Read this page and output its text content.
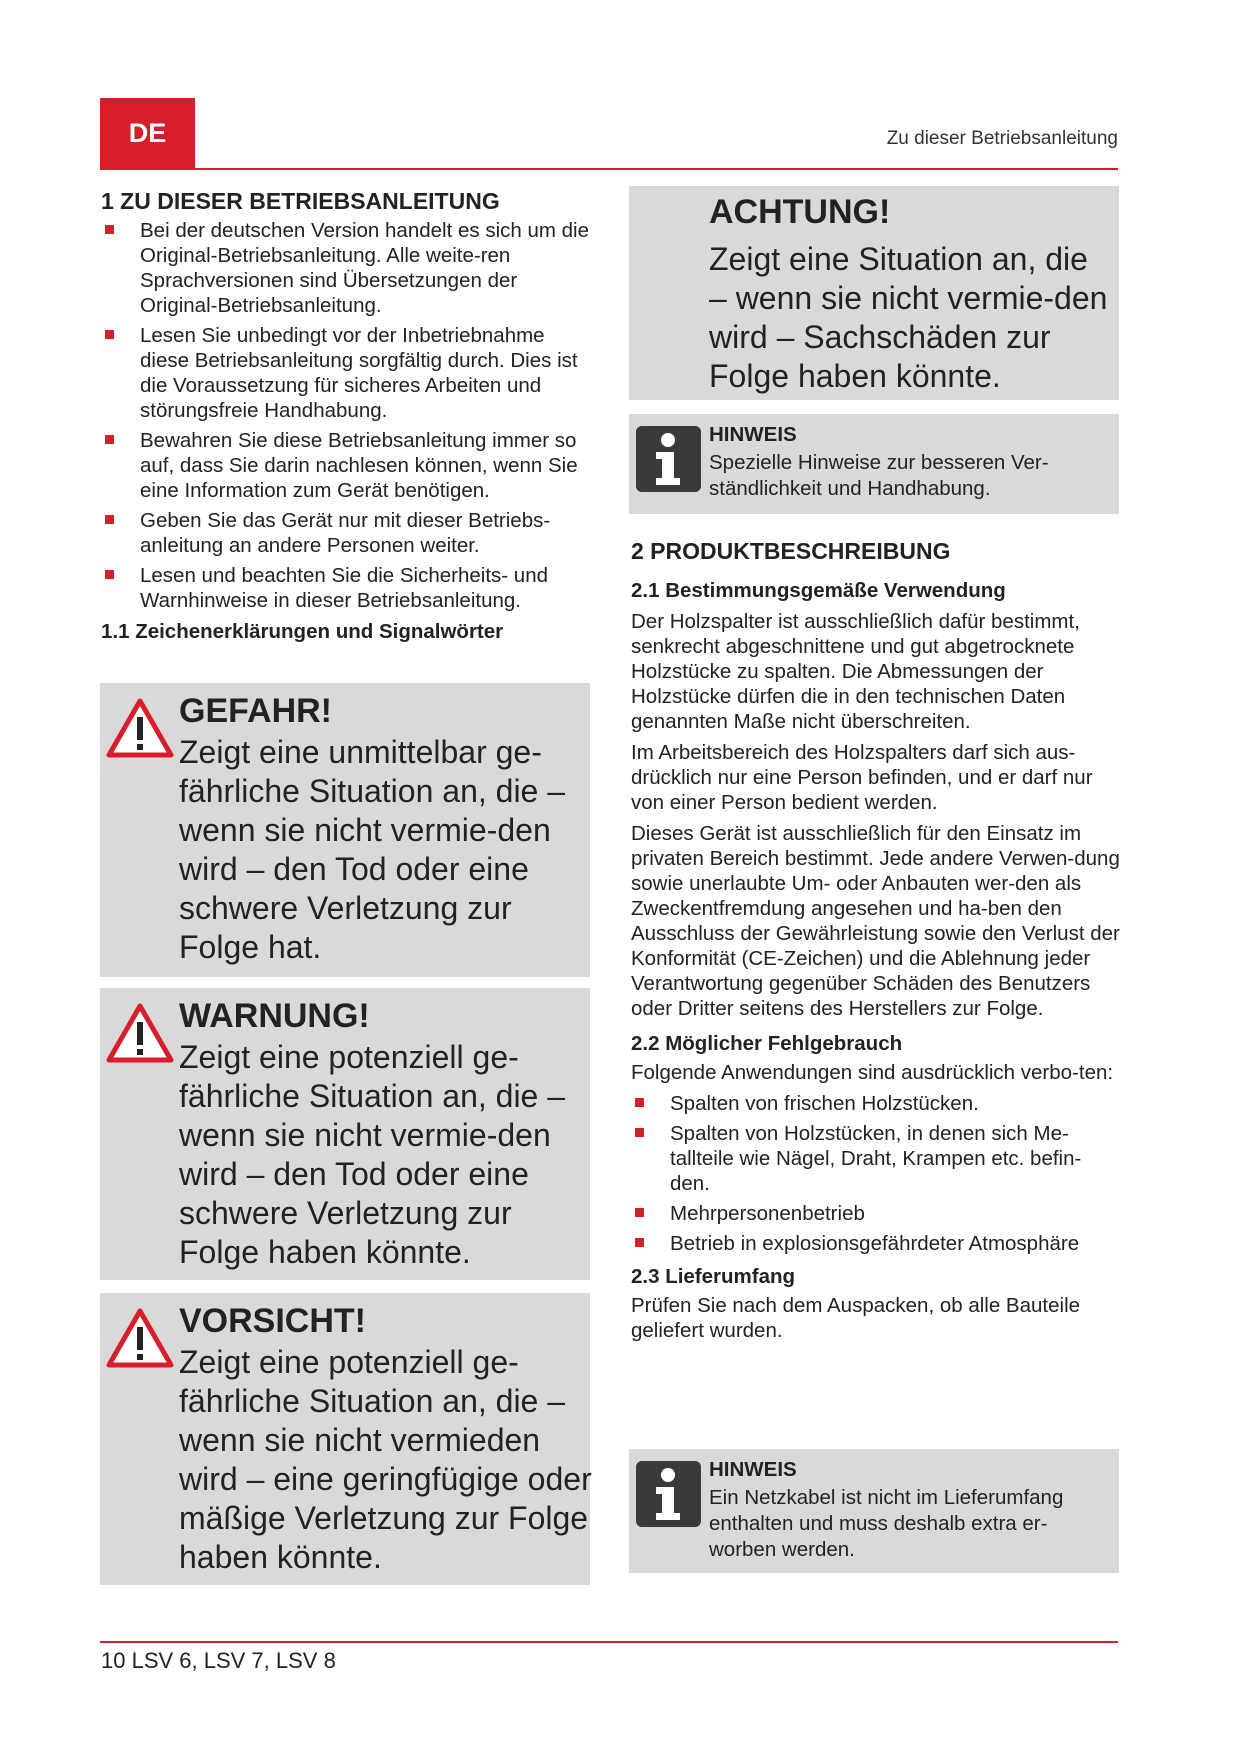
DE	Zu dieser Betriebsanleitung
1 ZU DIESER BETRIEBSANLEITUNG
Bei der deutschen Version handelt es sich um die Original-Betriebsanleitung. Alle weite-ren Sprachversionen sind Übersetzungen der Original-Betriebsanleitung.
Lesen Sie unbedingt vor der Inbetriebnahme diese Betriebsanleitung sorgfältig durch. Dies ist die Voraussetzung für sicheres Arbeiten und störungsfreie Handhabung.
Bewahren Sie diese Betriebsanleitung immer so auf, dass Sie darin nachlesen können, wenn Sie eine Information zum Gerät benötigen.
Geben Sie das Gerät nur mit dieser Betriebs-anleitung an andere Personen weiter.
Lesen und beachten Sie die Sicherheits- und Warnhinweise in dieser Betriebsanleitung.
1.1 Zeichenerklärungen und Signalwörter
GEFAHR!
Zeigt eine unmittelbar ge-fährliche Situation an, die – wenn sie nicht vermie-den wird – den Tod oder eine schwere Verletzung zur Folge hat.
WARNUNG!
Zeigt eine potenziell ge-fährliche Situation an, die – wenn sie nicht vermie-den wird – den Tod oder eine schwere Verletzung zur Folge haben könnte.
VORSICHT!
Zeigt eine potenziell ge-fährliche Situation an, die – wenn sie nicht vermieden wird – eine geringfügige oder mäßige Verletzung zur Folge haben könnte.
ACHTUNG!
Zeigt eine Situation an, die – wenn sie nicht vermie-den wird – Sachschäden zur Folge haben könnte.
HINWEIS
Spezielle Hinweise zur besseren Ver-ständlichkeit und Handhabung.
2 PRODUKTBESCHREIBUNG
2.1 Bestimmungsgemäße Verwendung

Der Holzspalter ist ausschließlich dafür bestimmt, senkrecht abgeschnittene und gut abgetrocknete Holzstücke zu spalten. Die Abmessungen der Holzstücke dürfen die in den technischen Daten genannten Maße nicht überschreiten.

Im Arbeitsbereich des Holzspalters darf sich aus-drücklich nur eine Person befinden, und er darf nur von einer Person bedient werden.

Dieses Gerät ist ausschließlich für den Einsatz im privaten Bereich bestimmt. Jede andere Verwen-dung sowie unerlaubte Um- oder Anbauten wer-den als Zweckentfremdung angesehen und ha-ben den Ausschluss der Gewährleistung sowie den Verlust der Konformität (CE-Zeichen) und die Ablehnung jeder Verantwortung gegenüber Schäden des Benutzers oder Dritter seitens des Herstellers zur Folge.

2.2 Möglicher Fehlgebrauch

Folgende Anwendungen sind ausdrücklich verbo-ten:

Spalten von frischen Holzstücken.
Spalten von Holzstücken, in denen sich Me-tallteile wie Nägel, Draht, Krampen etc. befin-den.
Mehrpersonenbetrieb
Betrieb in explosionsgefährdeter Atmosphäre
2.3 Lieferumfang

Prüfen Sie nach dem Auspacken, ob alle Bauteile geliefert wurden.

HINWEIS
Ein Netzkabel ist nicht im Lieferumfang enthalten und muss deshalb extra er-worben werden.
10 LSV 6, LSV 7, LSV 8
